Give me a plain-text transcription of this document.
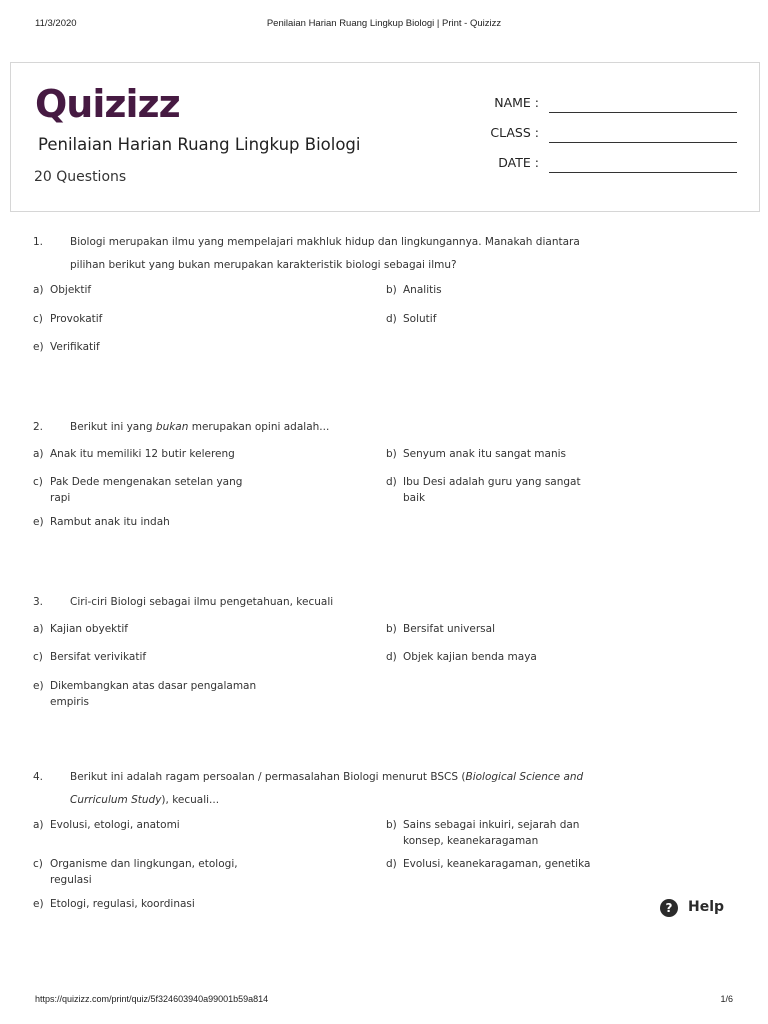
11/3/2020	Penilaian Harian Ruang Lingkup Biologi | Print - Quizizz
Quizizz
Penilaian Harian Ruang Lingkup Biologi
20 Questions
NAME :
CLASS :
DATE :
1.	Biologi merupakan ilmu yang mempelajari makhluk hidup dan lingkungannya. Manakah diantara
pilihan berikut yang bukan merupakan karakteristik biologi sebagai ilmu?
a) Objektif	b) Analitis
c) Provokatif	d) Solutif
e) Verifikatif
2.	Berikut ini yang bukan merupakan opini adalah...
a) Anak itu memiliki 12 butir kelereng	b) Senyum anak itu sangat manis
c) Pak Dede mengenakan setelan yang rapi
d) Ibu Desi adalah guru yang sangat baik
e) Rambut anak itu indah
3.	Ciri-ciri Biologi sebagai ilmu pengetahuan, kecuali
a) Kajian obyektif	b) Bersifat universal
c) Bersifat verivikatif	d) Objek kajian benda maya
e) Dikembangkan atas dasar pengalaman empiris
4.	Berikut ini adalah ragam persoalan / permasalahan Biologi menurut BSCS (Biological Science and Curriculum Study), kecuali...
a) Evolusi, etologi, anatomi	b) Sains sebagai inkuiri, sejarah dan konsep, keanekaragaman
c) Organisme dan lingkungan, etologi, regulasi
d) Evolusi, keanekaragaman, genetika
e) Etologi, regulasi, koordinasi	?	Help
https://quizizz.com/print/quiz/5f324603940a99001b59a814	1/6
